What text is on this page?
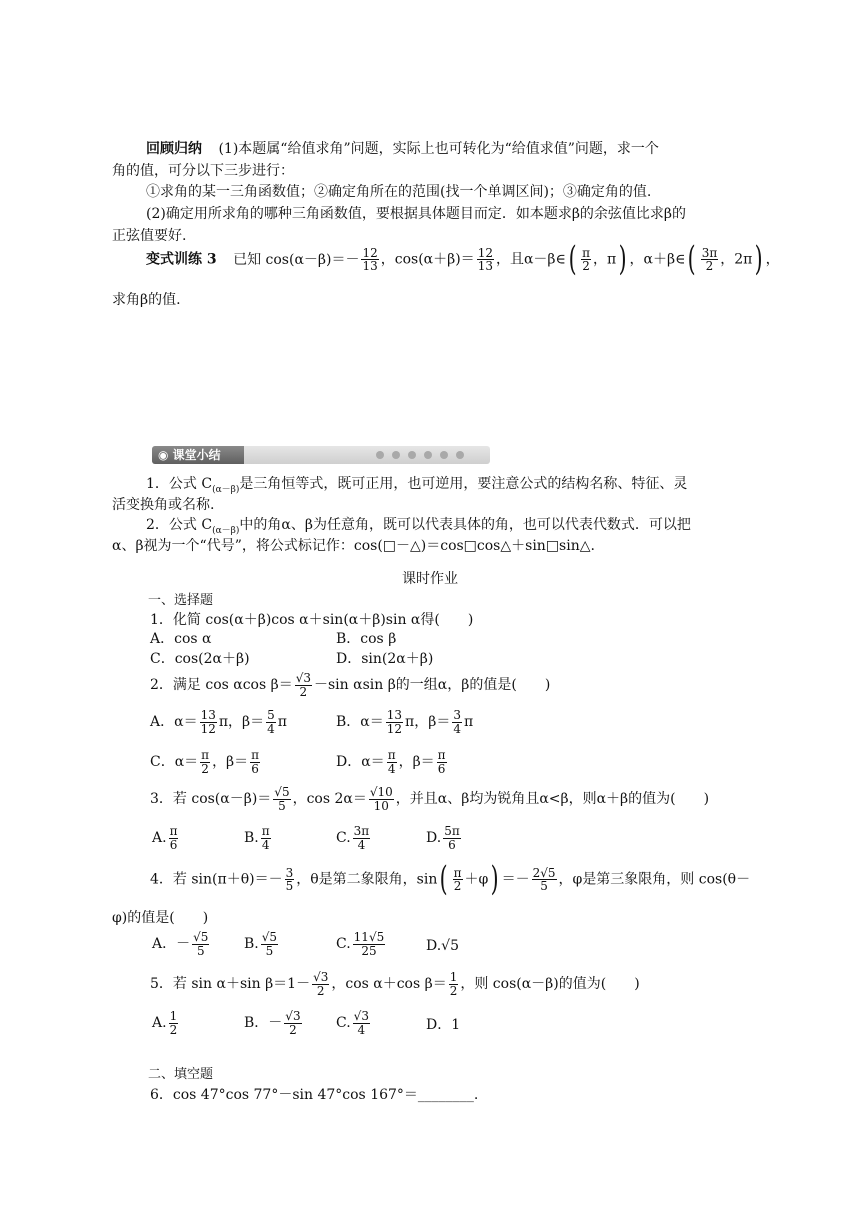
回顾归纳 (1)本题属“给值求角”问题，实际上也可转化为“给值求值”问题，求一个
角的值，可分以下三步进行：
①求角的某一三角函数值；②确定角所在的范围(找一个单调区间)；③确定角的值.
(2)确定用所求角的哪种三角函数值，要根据具体题目而定．如本题求β的余弦值比求β的
正弦值要好.
变式训练 3 已知 $\cos(\alpha-\beta)=- \frac{12}{13}$ ，$\cos(\alpha+\beta)= \frac{12}{13}$ ，且α－β∈( $\frac{\pi}{2}$ ，π) ，α＋β∈( $\frac{3\pi}{2}$ ，2π) ，
求角β的值.
◉ 课堂小结
1．公式 $C_{(\alpha-\beta)}$是三角恒等式，既可正用，也可逆用，要注意公式的结构名称、特征、灵
活变换角或名称.
2．公式 $C_{(\alpha-\beta)}$中的角α、β为任意角，既可以代表具体的角，也可以代表代数式．可以把
α、β视为一个“代号”，将公式标记作：cos(□－△)＝cos□cos△＋sin□sin△.
课时作业
一、选择题
1．化简 cos(α＋β)cos α＋sin(α＋β)sin α得(　　)
A．cos α	B．cos β
C．cos(2α＋β)	D．sin(2α＋β)
2．满足 cos αcos $\beta= \frac{√3}{2} -\sin$ αsin β的一组α，β的值是(　　)
A．$\alpha= \frac{13}{12}$ π，$\beta= \frac{5}{4}$ π	B．$\alpha= \frac{13}{12}$ π，$\beta= \frac{3}{4}$ π
C．$\alpha= \frac{\pi}{2}$ ，$\beta= \frac{\pi}{6}$	D．$\alpha= \frac{\pi}{4}$ ，$\beta= \frac{\pi}{6}$
3．若 $\cos(\alpha-\beta)= \frac{√5}{5}$ ，$\cos 2\alpha= \frac{√10}{10}$ ，并且α、β均为锐角且α<β，则α＋β的值为(　　)
A. $\frac{\pi}{6}$	B. $\frac{\pi}{4}$	C. $\frac{3\pi}{4}$	D. $\frac{5\pi}{6}$
4．若 $\sin(\pi+\theta)=- \frac{3}{5}$ ，θ是第二象限角，$\sin( \frac{\pi}{2} +\varphi) =- \frac{2√5}{5}$ ，φ是第三象限角，则 cos(θ－
φ)的值是(　　)
A．－ $\frac{√5}{5} B$. $\frac{√5}{5}$	C. $\frac{11√5}{25}$	D.√5
5．若 sin α＋sin $\beta=1- \frac{√3}{2}$ ，cos α＋cos $\beta= \frac{1}{2}$ ，则 cos(α－β)的值为(　　)
A. $\frac{1}{2}$	B．－ $\frac{√3}{2} C$. $\frac{√3}{4}$	D．1
二、填空题
6．cos 47°cos 77°－sin 47°cos 167°＝________.
